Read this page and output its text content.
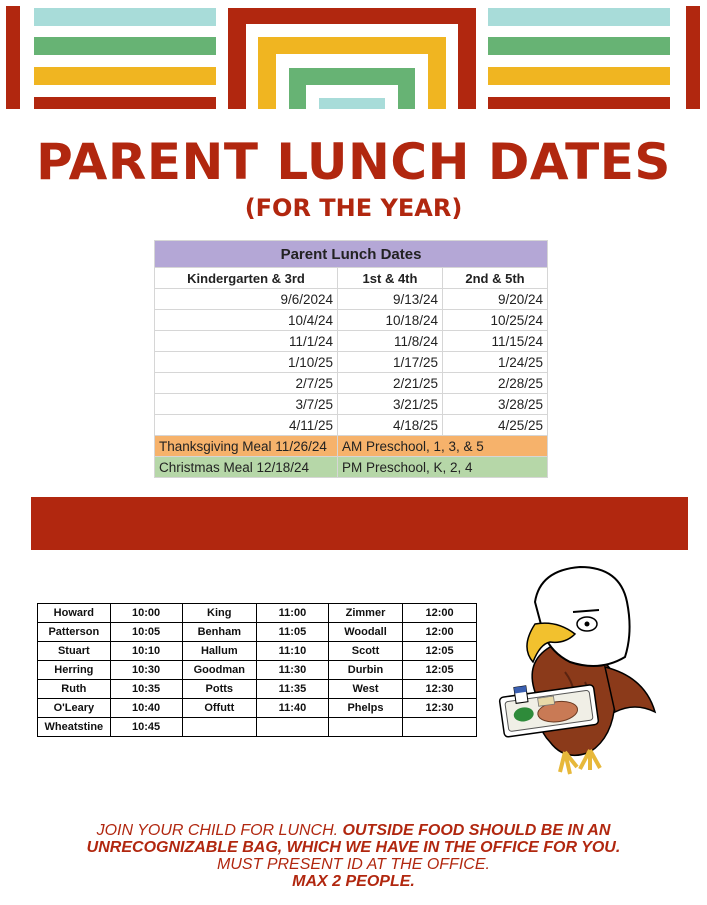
PARENT LUNCH DATES
(FOR THE YEAR)
Parent Lunch Dates		
Kindergarten & 3rd	1st & 4th	2nd & 5th
9/6/2024	9/13/24	9/20/24
10/4/24	10/18/24	10/25/24
11/1/24	11/8/24	11/15/24
1/10/25	1/17/25	1/24/25
2/7/25	2/21/25	2/28/25
3/7/25	3/21/25	3/28/25
4/11/25	4/18/25	4/25/25
Thanksgiving Meal 11/26/24	AM Preschool, 1, 3, & 5	
Christmas Meal 12/18/24	PM Preschool, K, 2, 4	
Howard	10:00	King	11:00	Zimmer	12:00
Patterson	10:05	Benham	11:05	Woodall	12:00
Stuart	10:10	Hallum	11:10	Scott	12:05
Herring	10:30	Goodman	11:30	Durbin	12:05
Ruth	10:35	Potts	11:35	West	12:30
O'Leary	10:40	Offutt	11:40	Phelps	12:30
Wheatstine	10:45				
JOIN YOUR CHILD FOR LUNCH. OUTSIDE FOOD SHOULD BE IN AN
UNRECOGNIZABLE BAG, WHICH WE HAVE IN THE OFFICE FOR YOU.
MUST PRESENT ID AT THE OFFICE.
MAX 2 PEOPLE.
